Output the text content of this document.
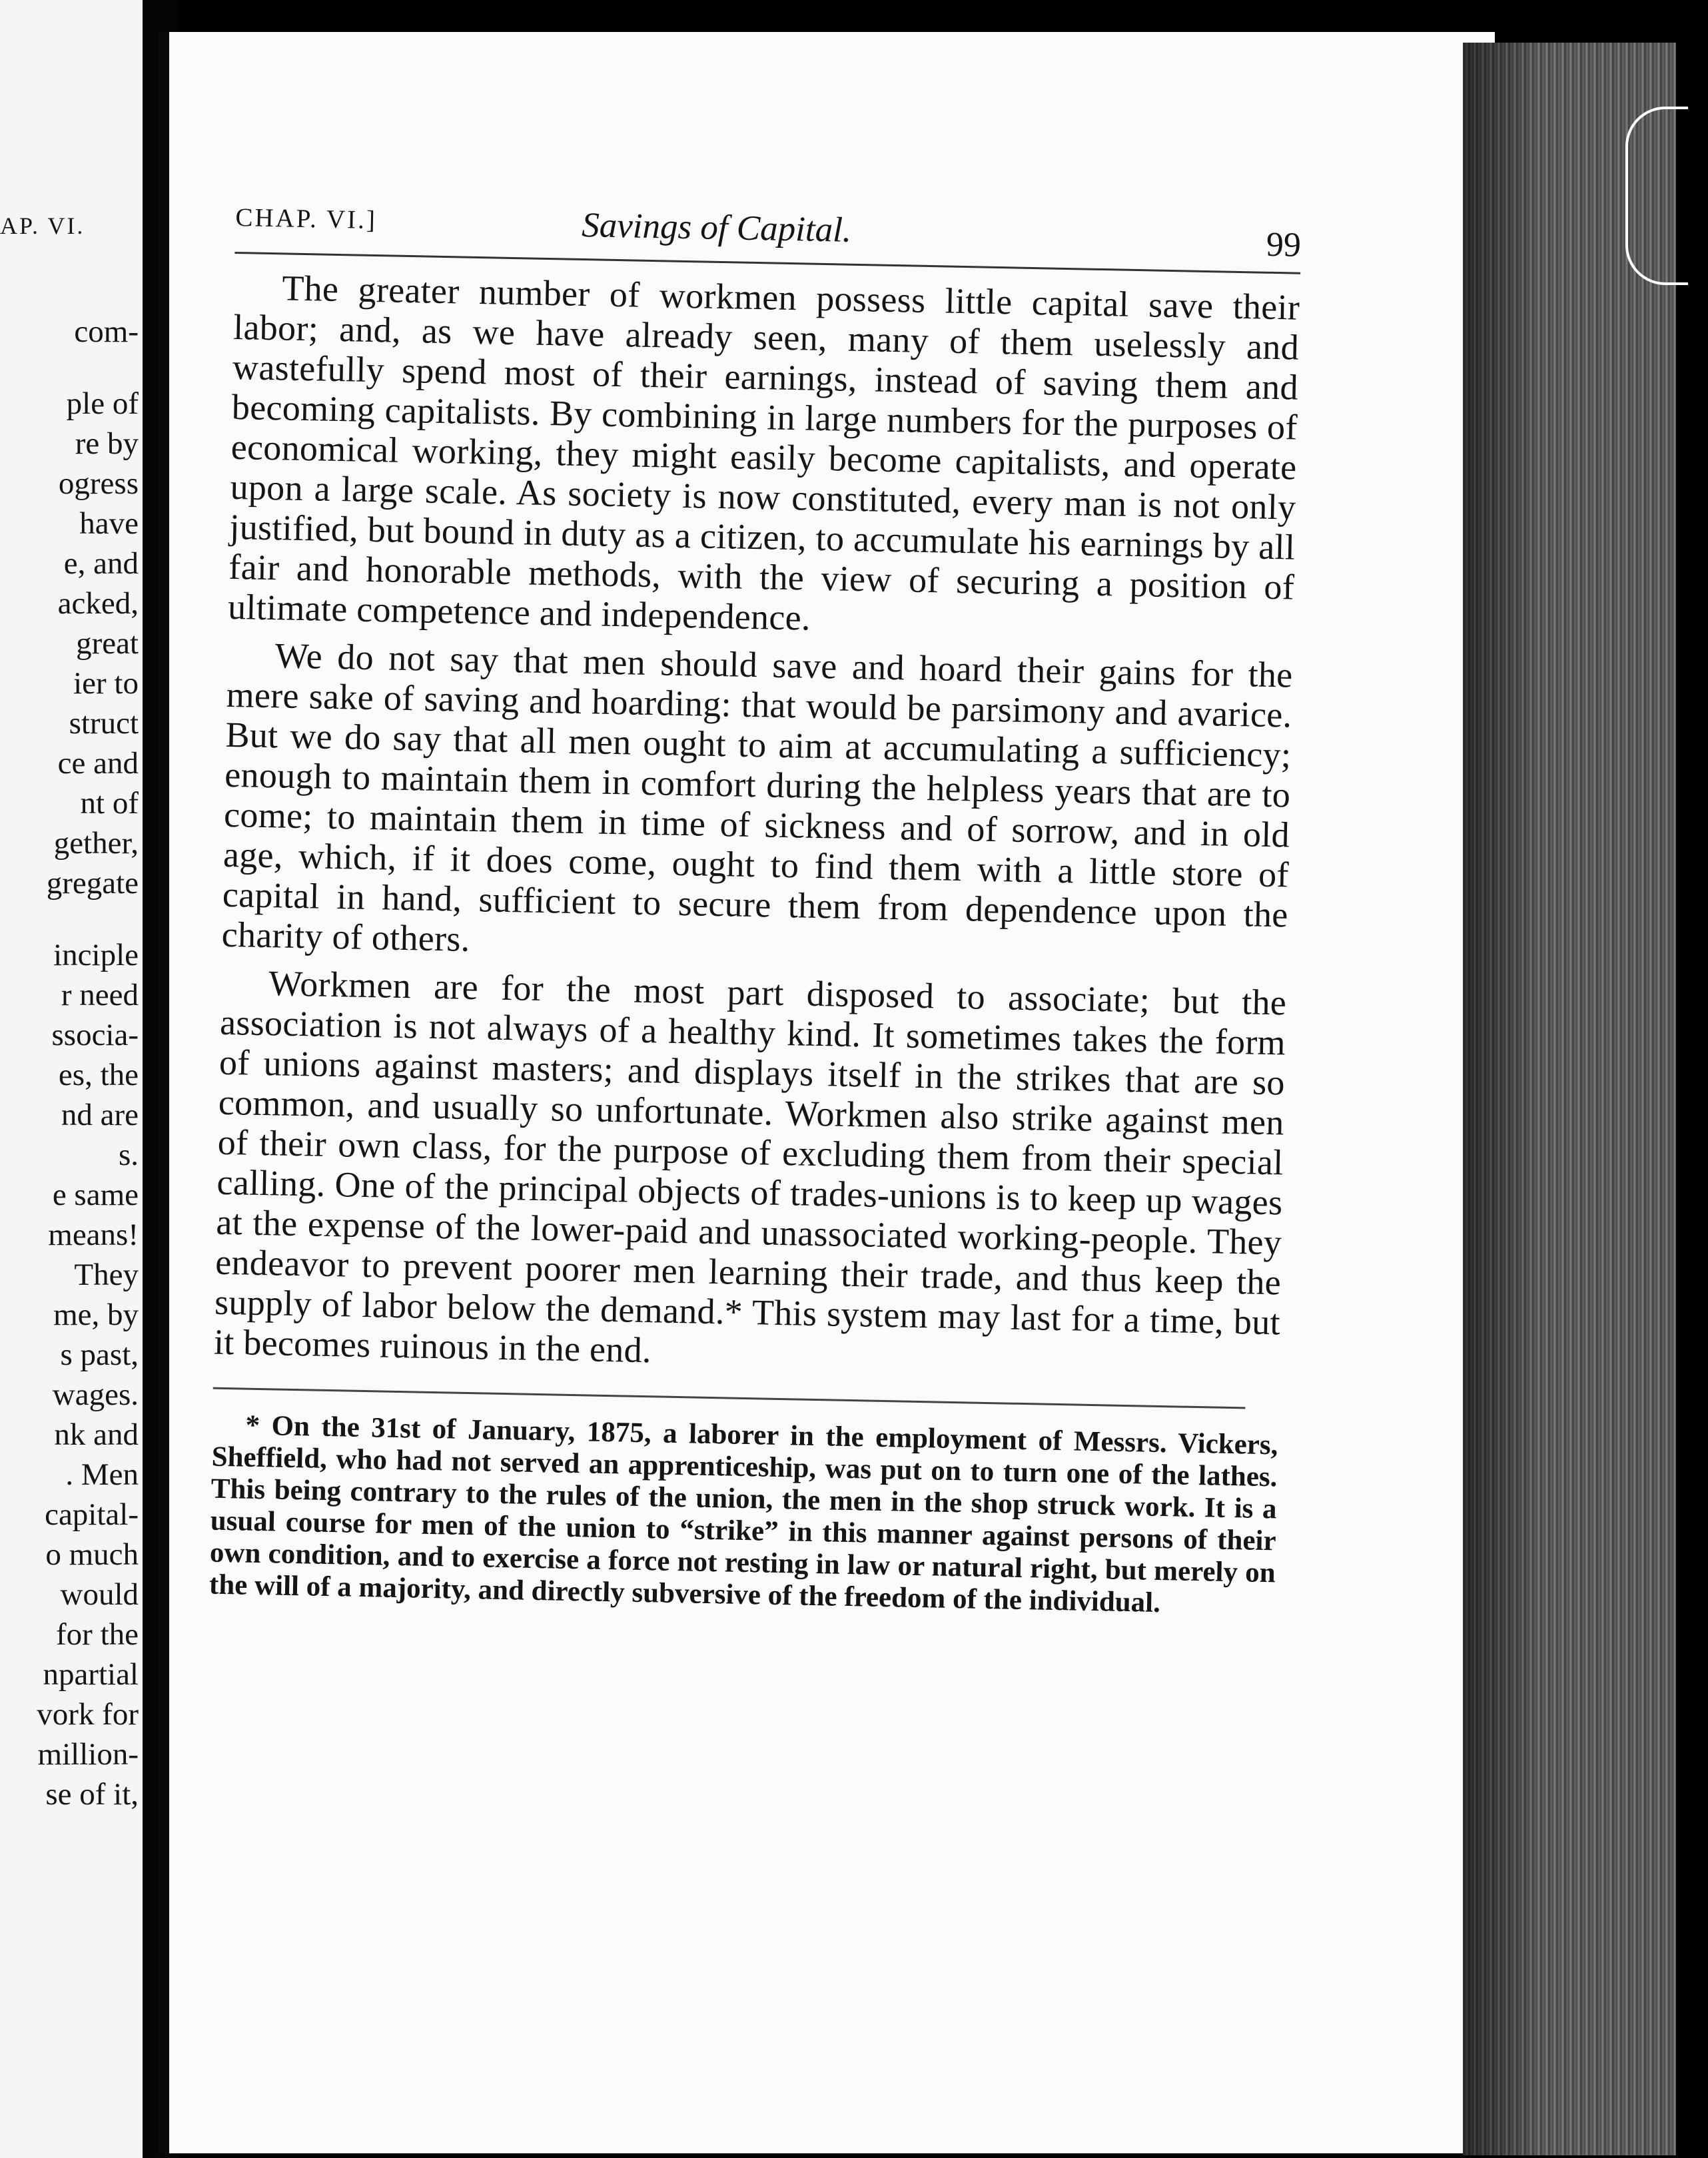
AP. VI.
com-
ple of
re by
ogress
have
e, and
acked,
great
ier to
struct
ce and
nt of
gether,
gregate
inciple
r need
ssocia-
es, the
nd are
s.
e same
means!
They
me, by
s past,
wages.
nk and
. Men
capital-
o much
would
for the
npartial
vork for
million-
se of it,
CHAP. VI.]	Savings of Capital.	99

The greater number of workmen possess little capital save their labor; and, as we have already seen, many of them uselessly and wastefully spend most of their earnings, instead of saving them and becoming capitalists. By combining in large numbers for the purposes of economical working, they might easily become capitalists, and operate upon a large scale. As society is now constituted, every man is not only justified, but bound in duty as a citizen, to accumulate his earnings by all fair and honorable methods, with the view of securing a position of ultimate competence and independence.

We do not say that men should save and hoard their gains for the mere sake of saving and hoarding: that would be parsimony and avarice. But we do say that all men ought to aim at accumulating a sufficiency; enough to maintain them in comfort during the helpless years that are to come; to maintain them in time of sickness and of sorrow, and in old age, which, if it does come, ought to find them with a little store of capital in hand, sufficient to secure them from dependence upon the charity of others.

Workmen are for the most part disposed to associate; but the association is not always of a healthy kind. It sometimes takes the form of unions against masters; and displays itself in the strikes that are so common, and usually so unfortunate. Workmen also strike against men of their own class, for the purpose of excluding them from their special calling. One of the principal objects of trades-unions is to keep up wages at the expense of the lower-paid and unassociated working-people. They endeavor to prevent poorer men learning their trade, and thus keep the supply of labor below the demand.* This system may last for a time, but it becomes ruinous in the end.

* On the 31st of January, 1875, a laborer in the employment of Messrs. Vickers, Sheffield, who had not served an apprenticeship, was put on to turn one of the lathes. This being contrary to the rules of the union, the men in the shop struck work. It is a usual course for men of the union to “strike” in this manner against persons of their own condition, and to exercise a force not resting in law or natural right, but merely on the will of a majority, and directly subversive of the freedom of the individual.
